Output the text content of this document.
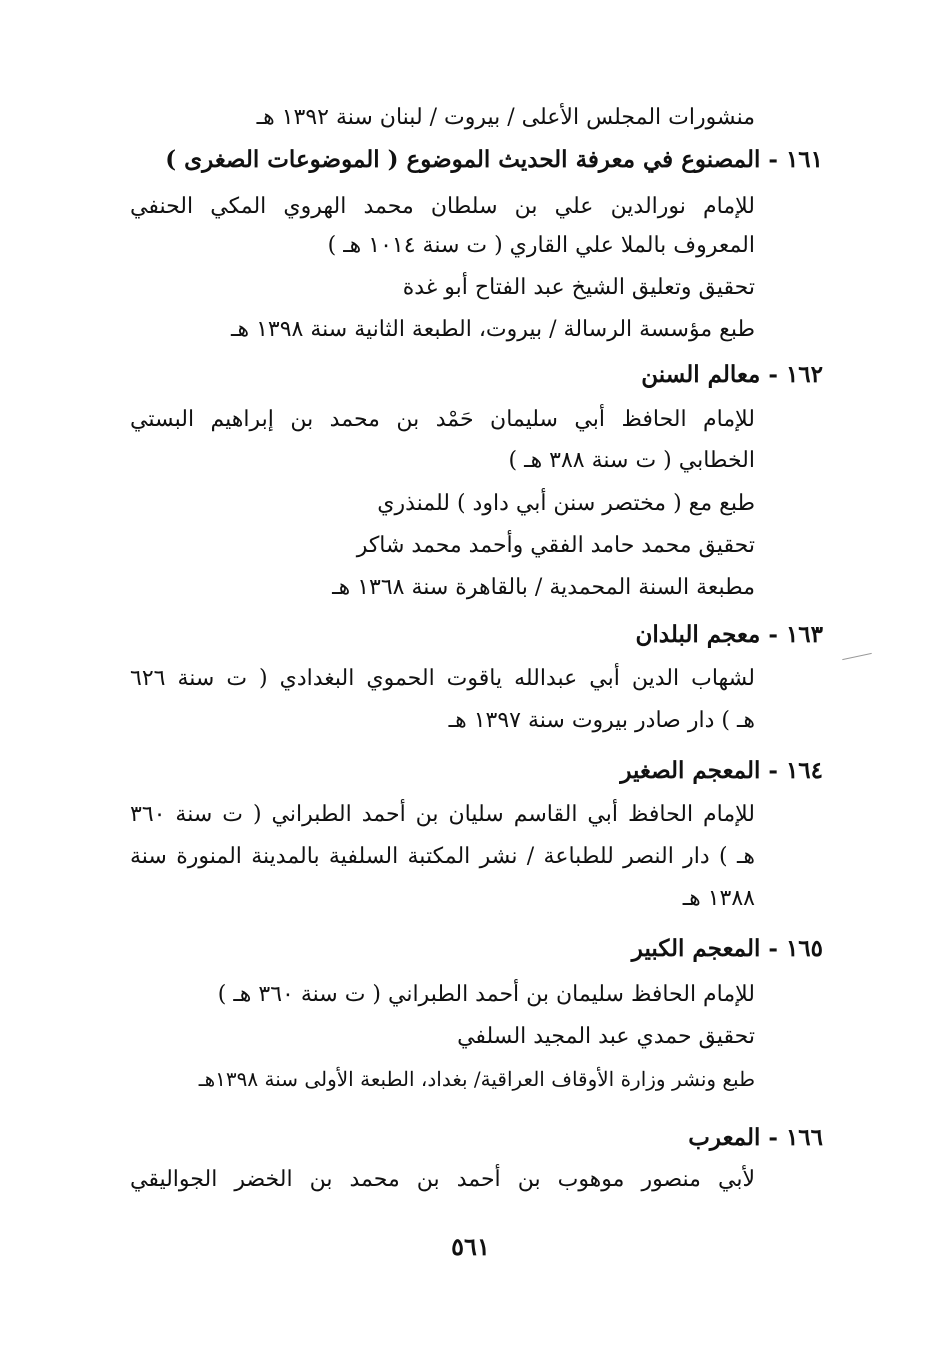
منشورات المجلس الأعلى / بيروت / لبنان سنة ١٣٩٢ هـ
١٦١ -المصنوع في معرفة الحديث الموضوع ( الموضوعات الصغرى )
للإمام نورالدين علي بن سلطان محمد الهروي المكي الحنفي
المعروف بالملا علي القاري ( ت سنة ١٠١٤ هـ )
تحقيق وتعليق الشيخ عبد الفتاح أبو غدة
طبع مؤسسة الرسالة / بيروت، الطبعة الثانية سنة ١٣٩٨ هـ
١٦٢ -معالم السنن
للإمام الحافظ أبي سليمان حَمْد بن محمد بن إبراهيم البستي
الخطابي ( ت سنة ٣٨٨ هـ )
طبع مع ( مختصر سنن أبي داود ) للمنذري
تحقيق محمد حامد الفقي وأحمد محمد شاكر
مطبعة السنة المحمدية / بالقاهرة سنة ١٣٦٨ هـ
١٦٣ -معجم البلدان
لشهاب الدين أبي عبدالله ياقوت الحموي البغدادي ( ت سنة ٦٢٦
هـ ) دار صادر بيروت سنة ١٣٩٧ هـ
١٦٤ -المعجم الصغير
للإمام الحافظ أبي القاسم سليان بن أحمد الطبراني ( ت سنة ٣٦٠
هـ ) دار النصر للطباعة / نشر المكتبة السلفية بالمدينة المنورة سنة
١٣٨٨ هـ
١٦٥ -المعجم الكبير
للإمام الحافظ سليمان بن أحمد الطبراني ( ت سنة ٣٦٠ هـ )
تحقيق حمدي عبد المجيد السلفي
طبع ونشر وزارة الأوقاف العراقية/ بغداد، الطبعة الأولى سنة ١٣٩٨هـ
١٦٦ -المعرب
لأبي منصور موهوب بن أحمد بن محمد بن الخضر الجواليقي
٥٦١
